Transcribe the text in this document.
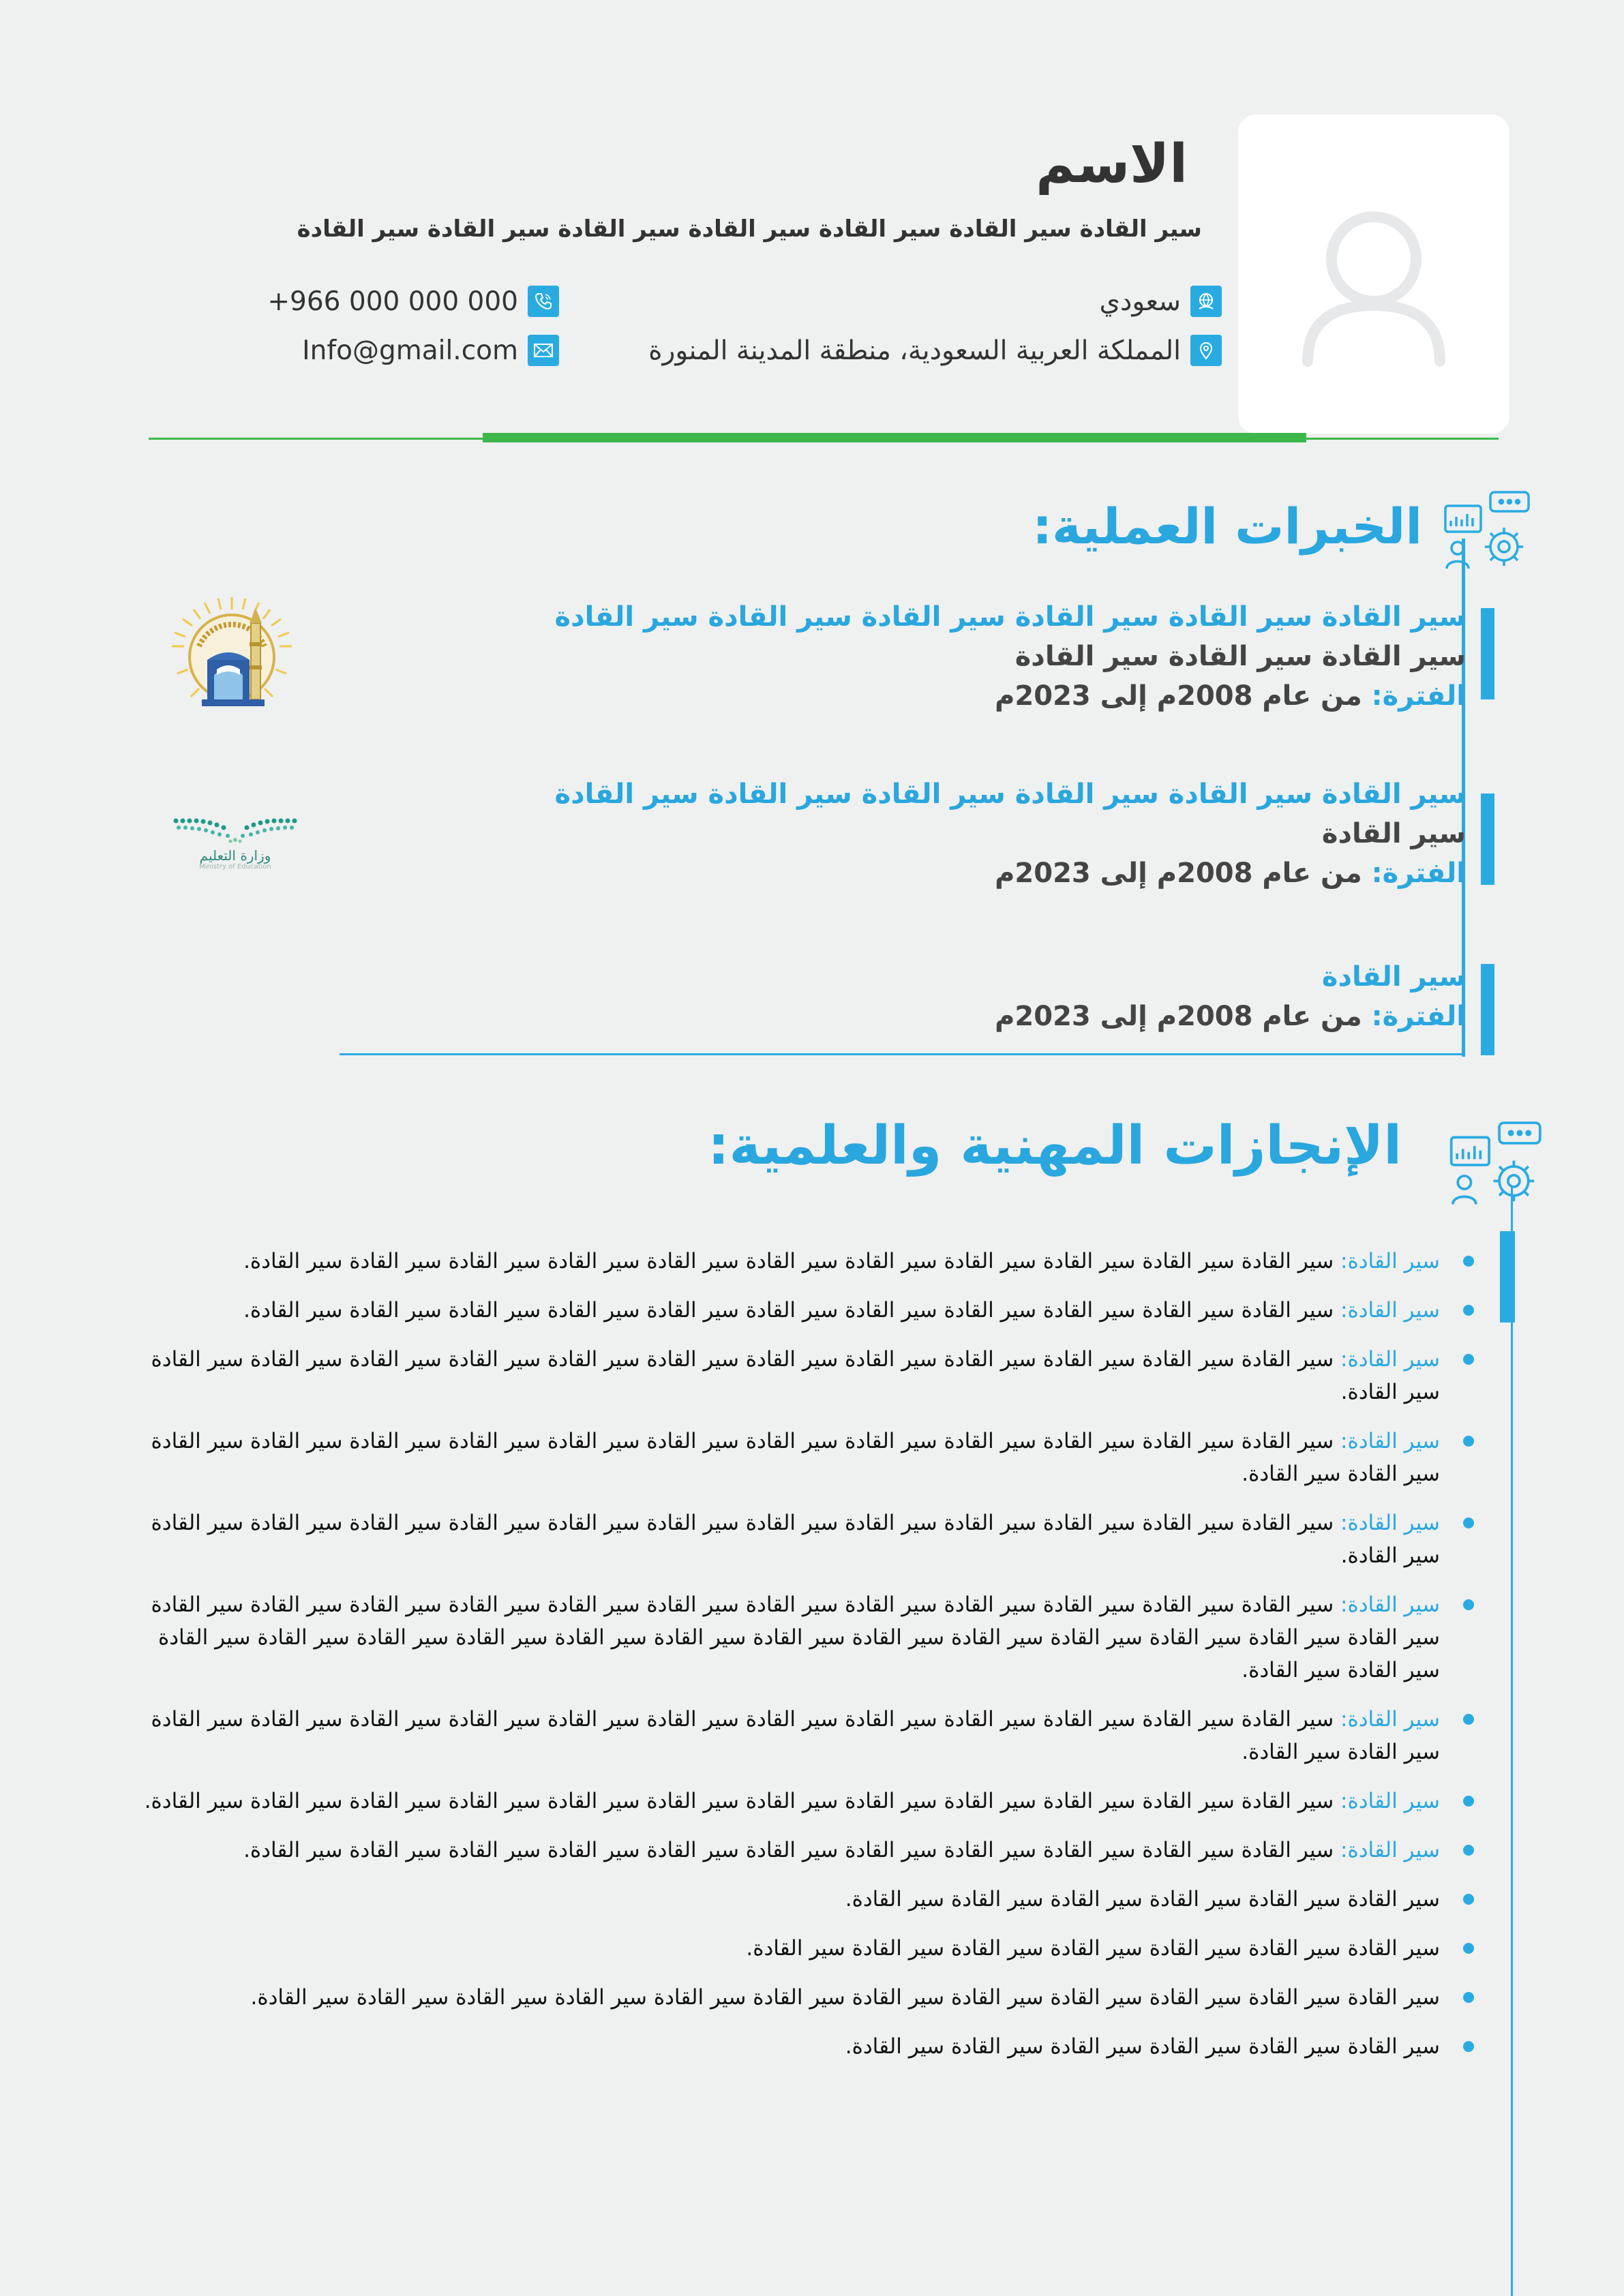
الاسم
سير القادة سير القادة سير القادة سير القادة سير القادة سير القادة سير القادة
سعودي
المملكة العربية السعودية، منطقة المدينة المنورة
+966 000 000 000
Info@gmail.com
الخبرات العملية:
سير القادة سير القادة سير القادة سير القادة سير القادة سير القادة
سير القادة سير القادة سير القادة
الفترة: من عام 2008م إلى 2023م
سير القادة سير القادة سير القادة سير القادة سير القادة سير القادة
سير القادة
الفترة: من عام 2008م إلى 2023م
سير القادة
الفترة: من عام 2008م إلى 2023م
وزارة التعليم
Ministry of Education
الإنجازات المهنية والعلمية:
سير القادة: سير القادة سير القادة سير القادة سير القادة سير القادة سير القادة سير القادة سير القادة سير القادة سير القادة سير القادة.
سير القادة: سير القادة سير القادة سير القادة سير القادة سير القادة سير القادة سير القادة سير القادة سير القادة سير القادة سير القادة.
سير القادة: سير القادة سير القادة سير القادة سير القادة سير القادة سير القادة سير القادة سير القادة سير القادة سير القادة سير القادة سير القادة سير القادة.
سير القادة: سير القادة سير القادة سير القادة سير القادة سير القادة سير القادة سير القادة سير القادة سير القادة سير القادة سير القادة سير القادة سير القادة سير القادة.
سير القادة: سير القادة سير القادة سير القادة سير القادة سير القادة سير القادة سير القادة سير القادة سير القادة سير القادة سير القادة سير القادة سير القادة.
سير القادة: سير القادة سير القادة سير القادة سير القادة سير القادة سير القادة سير القادة سير القادة سير القادة سير القادة سير القادة سير القادة سير القادة سير القادة سير القادة سير القادة سير القادة سير القادة سير القادة سير القادة سير القادة سير القادة سير القادة سير القادة سير القادة سير القادة سير القادة.
سير القادة: سير القادة سير القادة سير القادة سير القادة سير القادة سير القادة سير القادة سير القادة سير القادة سير القادة سير القادة سير القادة سير القادة سير القادة.
سير القادة: سير القادة سير القادة سير القادة سير القادة سير القادة سير القادة سير القادة سير القادة سير القادة سير القادة سير القادة سير القادة.
سير القادة: سير القادة سير القادة سير القادة سير القادة سير القادة سير القادة سير القادة سير القادة سير القادة سير القادة سير القادة.
سير القادة سير القادة سير القادة سير القادة سير القادة سير القادة.
سير القادة سير القادة سير القادة سير القادة سير القادة سير القادة سير القادة.
سير القادة سير القادة سير القادة سير القادة سير القادة سير القادة سير القادة سير القادة سير القادة سير القادة سير القادة سير القادة.
سير القادة سير القادة سير القادة سير القادة سير القادة سير القادة.
